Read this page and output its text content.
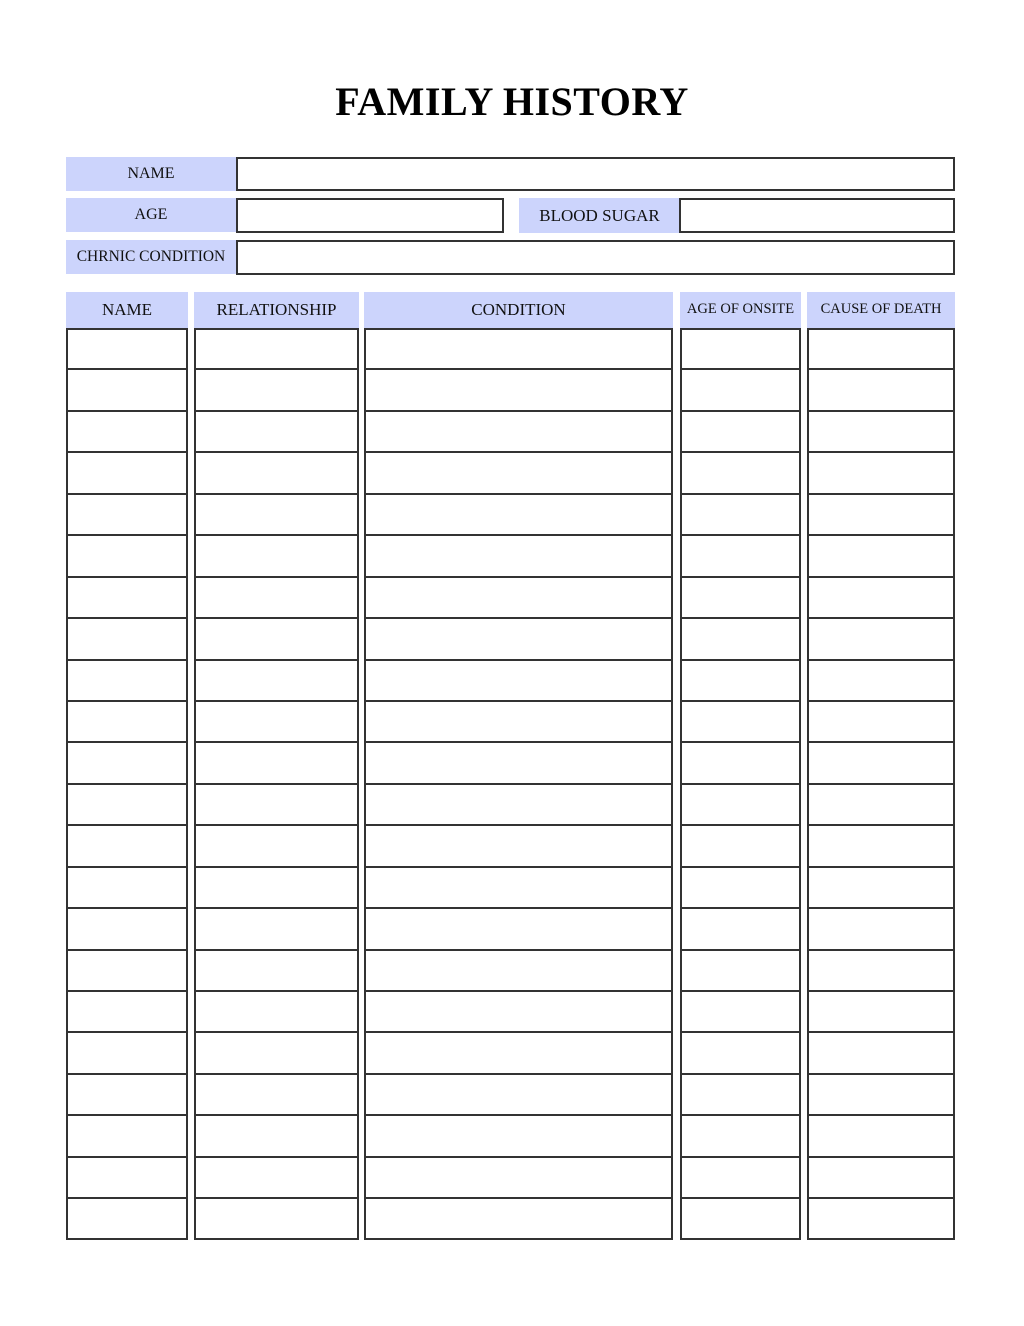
FAMILY HISTORY
NAME
AGE	BLOOD SUGAR
CHRNIC CONDITION
NAME	RELATIONSHIP	CONDITION	AGE OF ONSITE	CAUSE OF DEATH
